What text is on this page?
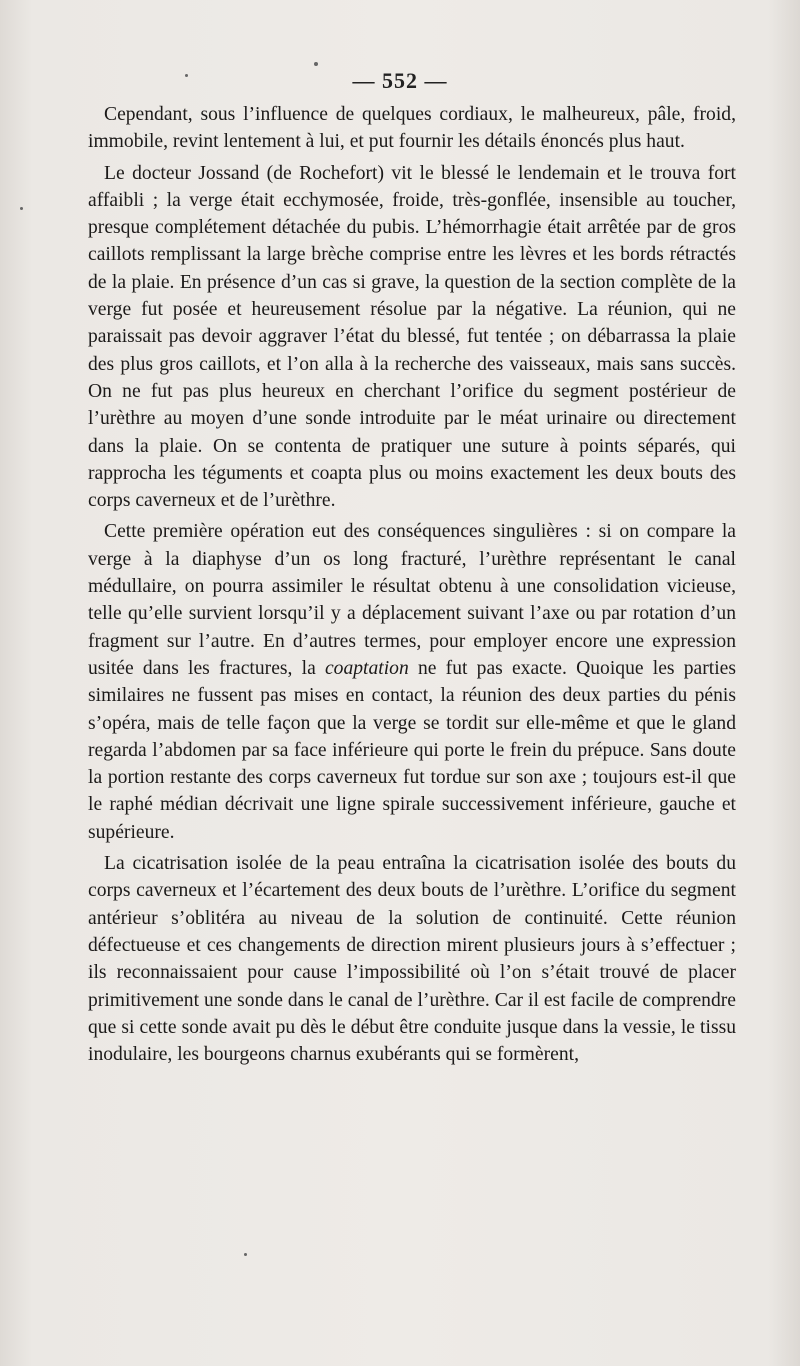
— 552 —

Cependant, sous l’influence de quelques cordiaux, le malheureux, pâle, froid, immobile, revint lentement à lui, et put fournir les détails énoncés plus haut.

Le docteur Jossand (de Rochefort) vit le blessé le lendemain et le trouva fort affaibli ; la verge était ecchymosée, froide, très-gonflée, insensible au toucher, presque complétement détachée du pubis. L’hémorrhagie était arrêtée par de gros caillots remplissant la large brèche comprise entre les lèvres et les bords rétractés de la plaie. En présence d’un cas si grave, la question de la section complète de la verge fut posée et heureusement résolue par la négative. La réunion, qui ne paraissait pas devoir aggraver l’état du blessé, fut tentée ; on débarrassa la plaie des plus gros caillots, et l’on alla à la recherche des vaisseaux, mais sans succès. On ne fut pas plus heureux en cherchant l’orifice du segment postérieur de l’urèthre au moyen d’une sonde introduite par le méat urinaire ou directement dans la plaie. On se contenta de pratiquer une suture à points séparés, qui rapprocha les téguments et coapta plus ou moins exactement les deux bouts des corps caverneux et de l’urèthre.

Cette première opération eut des conséquences singulières : si on compare la verge à la diaphyse d’un os long fracturé, l’urèthre représentant le canal médullaire, on pourra assimiler le résultat obtenu à une consolidation vicieuse, telle qu’elle survient lorsqu’il y a déplacement suivant l’axe ou par rotation d’un fragment sur l’autre. En d’autres termes, pour employer encore une expression usitée dans les fractures, la coaptation ne fut pas exacte. Quoique les parties similaires ne fussent pas mises en contact, la réunion des deux parties du pénis s’opéra, mais de telle façon que la verge se tordit sur elle-même et que le gland regarda l’abdomen par sa face inférieure qui porte le frein du prépuce. Sans doute la portion restante des corps caverneux fut tordue sur son axe ; toujours est-il que le raphé médian décrivait une ligne spirale successivement inférieure, gauche et supérieure.

La cicatrisation isolée de la peau entraîna la cicatrisation isolée des bouts du corps caverneux et l’écartement des deux bouts de l’urèthre. L’orifice du segment antérieur s’oblitéra au niveau de la solution de continuité. Cette réunion défectueuse et ces changements de direction mirent plusieurs jours à s’effectuer ; ils reconnaissaient pour cause l’impossibilité où l’on s’était trouvé de placer primitivement une sonde dans le canal de l’urèthre. Car il est facile de comprendre que si cette sonde avait pu dès le début être conduite jusque dans la vessie, le tissu inodulaire, les bourgeons charnus exubérants qui se formèrent,
